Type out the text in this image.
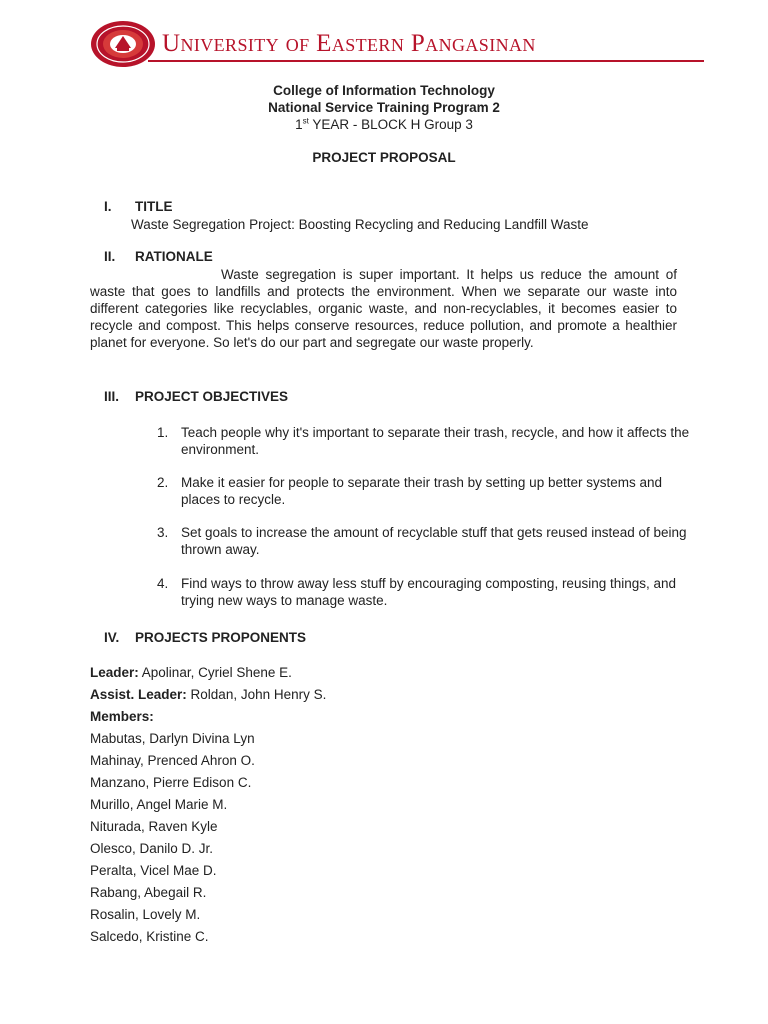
University of Eastern Pangasinan
College of Information Technology
National Service Training Program 2
1st YEAR - BLOCK H Group 3
PROJECT PROPOSAL
I. TITLE
Waste Segregation Project: Boosting Recycling and Reducing Landfill Waste
II. RATIONALE
Waste segregation is super important. It helps us reduce the amount of waste that goes to landfills and protects the environment. When we separate our waste into different categories like recyclables, organic waste, and non-recyclables, it becomes easier to recycle and compost. This helps conserve resources, reduce pollution, and promote a healthier planet for everyone. So let's do our part and segregate our waste properly.
III. PROJECT OBJECTIVES
1. Teach people why it's important to separate their trash, recycle, and how it affects the environment.
2. Make it easier for people to separate their trash by setting up better systems and places to recycle.
3. Set goals to increase the amount of recyclable stuff that gets reused instead of being thrown away.
4. Find ways to throw away less stuff by encouraging composting, reusing things, and trying new ways to manage waste.
IV. PROJECTS PROPONENTS
Leader: Apolinar, Cyriel Shene E.
Assist. Leader: Roldan, John Henry S.
Members:
Mabutas, Darlyn Divina Lyn
Mahinay, Prenced Ahron O.
Manzano, Pierre Edison C.
Murillo, Angel Marie M.
Niturada, Raven Kyle
Olesco, Danilo D. Jr.
Peralta, Vicel Mae D.
Rabang, Abegail R.
Rosalin, Lovely M.
Salcedo, Kristine C.
